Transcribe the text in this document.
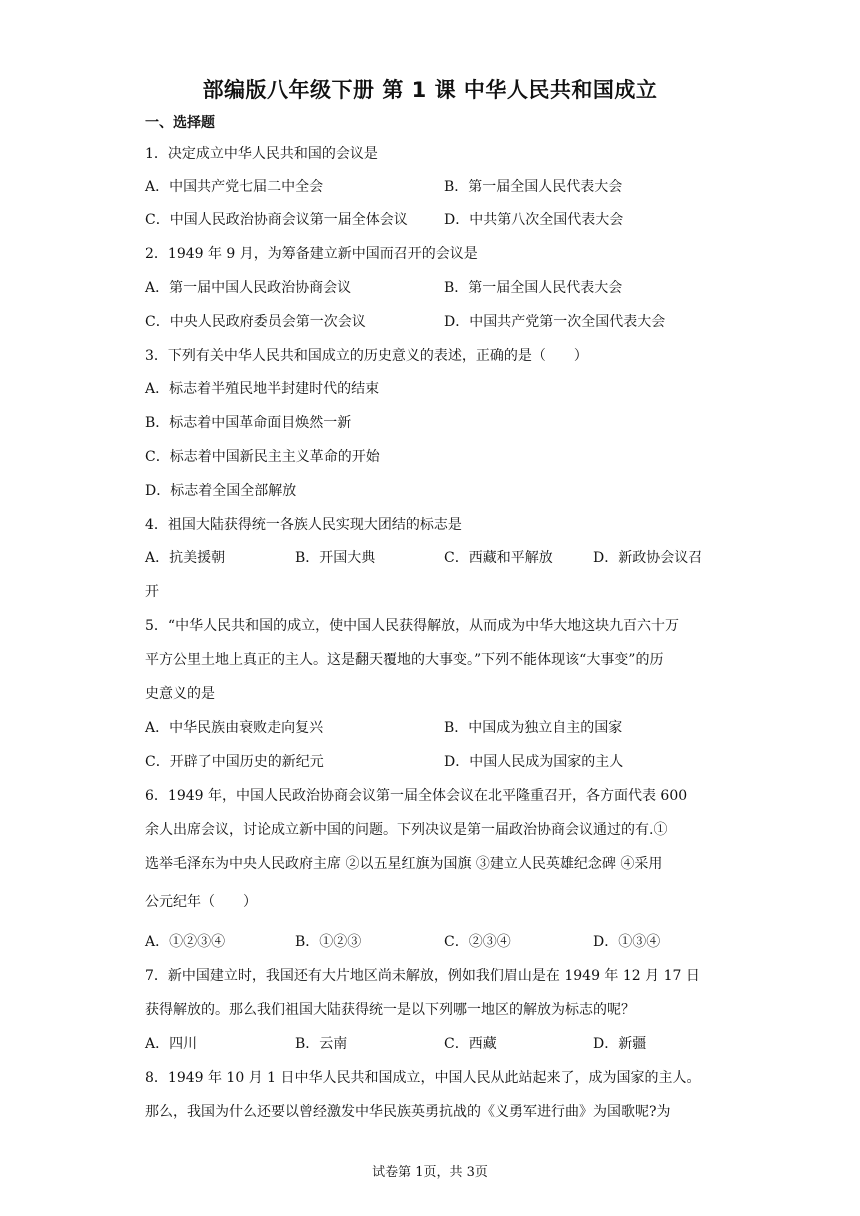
部编版八年级下册 第 1 课 中华人民共和国成立
一、选择题
1．决定成立中华人民共和国的会议是
A．中国共产党七届二中全会	B．第一届全国人民代表大会
C．中国人民政治协商会议第一届全体会议	D．中共第八次全国代表大会
2．1949 年 9 月，为筹备建立新中国而召开的会议是
A．第一届中国人民政治协商会议	B．第一届全国人民代表大会
C．中央人民政府委员会第一次会议	D．中国共产党第一次全国代表大会
3．下列有关中华人民共和国成立的历史意义的表述，正确的是（　　）
A．标志着半殖民地半封建时代的结束
B．标志着中国革命面目焕然一新
C．标志着中国新民主主义革命的开始
D．标志着全国全部解放
4．祖国大陆获得统一各族人民实现大团结的标志是
A．抗美援朝	B．开国大典	C．西藏和平解放	D．新政协会议召
开
5．“中华人民共和国的成立，使中国人民获得解放，从而成为中华大地这块九百六十万
平方公里土地上真正的主人。这是翻天覆地的大事变。”下列不能体现该“大事变”的历
史意义的是
A．中华民族由衰败走向复兴	B．中国成为独立自主的国家
C．开辟了中国历史的新纪元	D．中国人民成为国家的主人
6．1949 年，中国人民政治协商会议第一届全体会议在北平隆重召开，各方面代表 600
余人出席会议，讨论成立新中国的问题。下列决议是第一届政治协商会议通过的有.①
选举毛泽东为中央人民政府主席 ②以五星红旗为国旗 ③建立人民英雄纪念碑 ④采用
公元纪年（　　）
A．①②③④	B．①②③	C．②③④	D．①③④
7．新中国建立时，我国还有大片地区尚未解放，例如我们眉山是在 1949 年 12 月 17 日
获得解放的。那么我们祖国大陆获得统一是以下列哪一地区的解放为标志的呢？
A．四川	B．云南	C．西藏	D．新疆
8．1949 年 10 月 1 日中华人民共和国成立，中国人民从此站起来了，成为国家的主人。
那么，我国为什么还要以曾经激发中华民族英勇抗战的《义勇军进行曲》为国歌呢?为
试卷第 1页，共 3页
